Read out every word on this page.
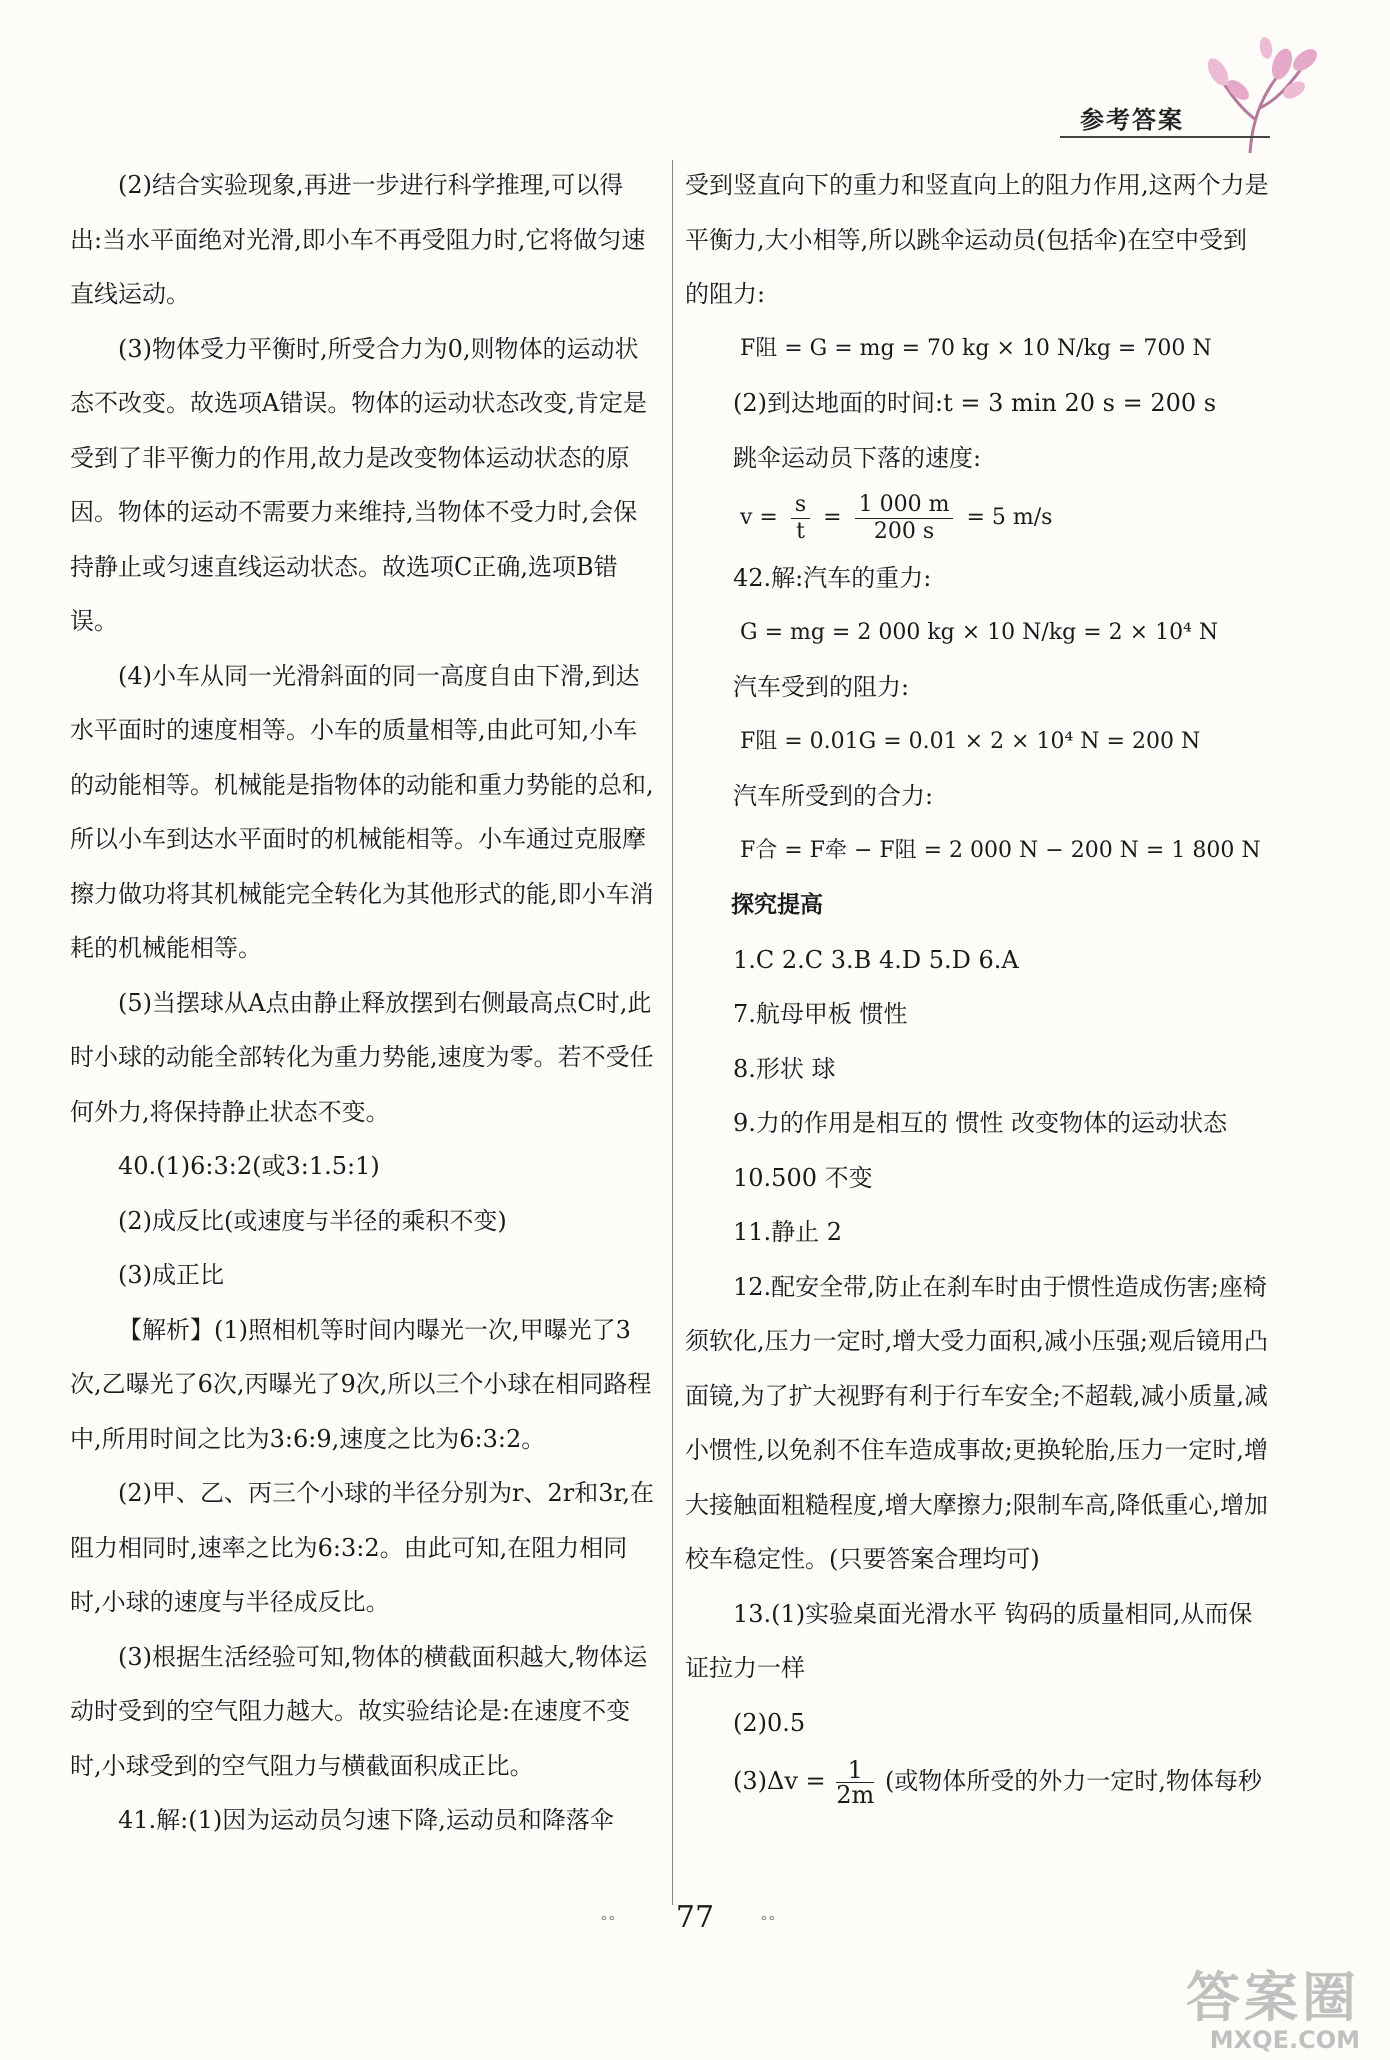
参考答案

(2)结合实验现象,再进一步进行科学推理,可以得出:当水平面绝对光滑,即小车不再受阻力时,它将做匀速直线运动。

(3)物体受力平衡时,所受合力为0,则物体的运动状态不改变。故选项A错误。物体的运动状态改变,肯定是受到了非平衡力的作用,故力是改变物体运动状态的原因。物体的运动不需要力来维持,当物体不受力时,会保持静止或匀速直线运动状态。故选项C正确,选项B错误。

(4)小车从同一光滑斜面的同一高度自由下滑,到达水平面时的速度相等。小车的质量相等,由此可知,小车的动能相等。机械能是指物体的动能和重力势能的总和,所以小车到达水平面时的机械能相等。小车通过克服摩擦力做功将其机械能完全转化为其他形式的能,即小车消耗的机械能相等。

(5)当摆球从A点由静止释放摆到右侧最高点C时,此时小球的动能全部转化为重力势能,速度为零。若不受任何外力,将保持静止状态不变。

40.(1)6:3:2(或3:1.5:1)

(2)成反比(或速度与半径的乘积不变)

(3)成正比

【解析】(1)照相机等时间内曝光一次,甲曝光了3次,乙曝光了6次,丙曝光了9次,所以三个小球在相同路程中,所用时间之比为3:6:9,速度之比为6:3:2。

(2)甲、乙、丙三个小球的半径分别为r、2r和3r,在阻力相同时,速率之比为6:3:2。由此可知,在阻力相同时,小球的速度与半径成反比。

(3)根据生活经验可知,物体的横截面积越大,物体运动时受到的空气阻力越大。故实验结论是:在速度不变时,小球受到的空气阻力与横截面积成正比。

41.解:(1)因为运动员匀速下降,运动员和降落伞

受到竖直向下的重力和竖直向上的阻力作用,这两个力是平衡力,大小相等,所以跳伞运动员(包括伞)在空中受到的阻力:

F阻 = G = mg = 70 kg × 10 N/kg = 700 N

(2)到达地面的时间:t = 3 min 20 s = 200 s

跳伞运动员下落的速度:

$v = \frac{s}{t} = \frac{1 000 m}{200 s} = 5$ m/s

42.解:汽车的重力:

G = mg = 2 000 kg × 10 N/kg = 2 × 10⁴ N

汽车受到的阻力:

F阻 = 0.01G = 0.01 × 2 × 10⁴ N = 200 N

汽车所受到的合力:

F合 = F牵 − F阻 = 2 000 N − 200 N = 1 800 N

探究提高

1.C 2.C 3.B 4.D 5.D 6.A

7.航母甲板 惯性

8.形状 球

9.力的作用是相互的 惯性 改变物体的运动状态

10.500 不变

11.静止 2

12.配安全带,防止在刹车时由于惯性造成伤害;座椅须软化,压力一定时,增大受力面积,减小压强;观后镜用凸面镜,为了扩大视野有利于行车安全;不超载,减小质量,减小惯性,以免刹不住车造成事故;更换轮胎,压力一定时,增大接触面粗糙程度,增大摩擦力;限制车高,降低重心,增加校车稳定性。(只要答案合理均可)

13.(1)实验桌面光滑水平 钩码的质量相同,从而保证拉力一样

(2)0.5

$(3)\Delta v = \frac{1}{2m}$ (或物体所受的外力一定时,物体每秒

∘∘	77	∘∘
答案圈
MXQE.COM
